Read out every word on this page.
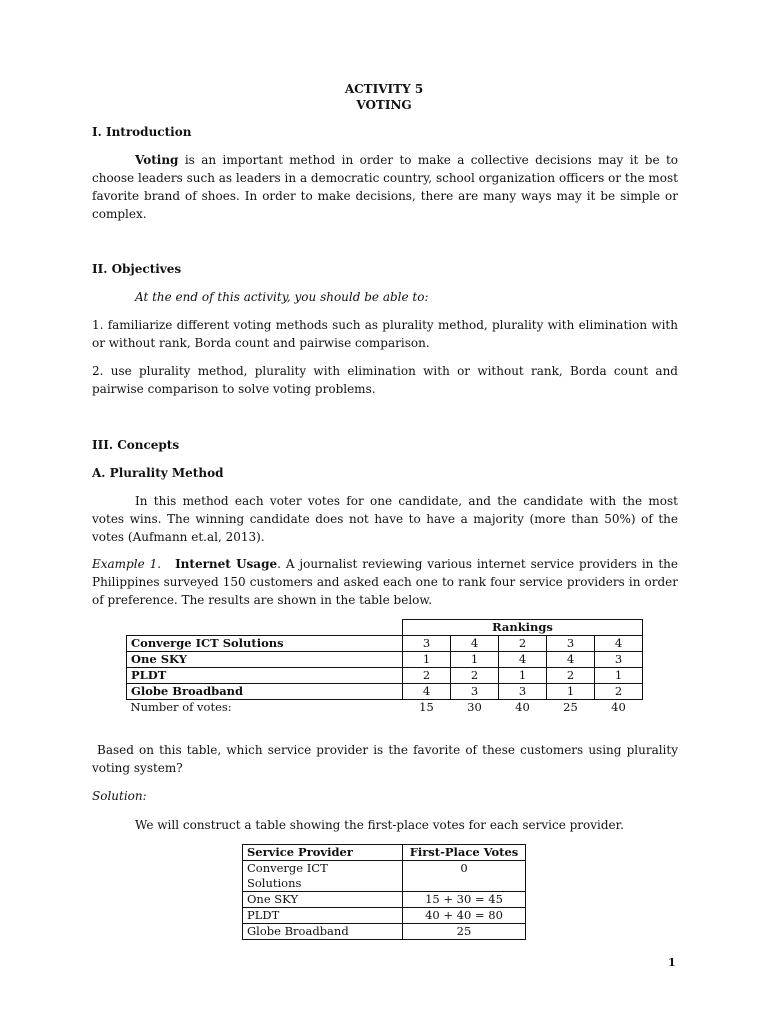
ACTIVITY 5
VOTING
I. Introduction
Voting is an important method in order to make a collective decisions may it be to choose leaders such as leaders in a democratic country, school organization officers or the most favorite brand of shoes. In order to make decisions, there are many ways may it be simple or complex.
II. Objectives
At the end of this activity, you should be able to:
1. familiarize different voting methods such as plurality method, plurality with elimination with or without rank, Borda count and pairwise comparison.
2. use plurality method, plurality with elimination with or without rank, Borda count and pairwise comparison to solve voting problems.
III. Concepts
A. Plurality Method
In this method each voter votes for one candidate, and the candidate with the most votes wins. The winning candidate does not have to have a majority (more than 50%) of the votes (Aufmann et.al, 2013).
Example 1. Internet Usage. A journalist reviewing various internet service providers in the Philippines surveyed 150 customers and asked each one to rank four service providers in order of preference. The results are shown in the table below.
	Rankings				
Converge ICT Solutions	3	4	2	3	4
One SKY	1	1	4	4	3
PLDT	2	2	1	2	1
Globe Broadband	4	3	3	1	2
Number of votes:	15	30	40	25	40
Based on this table, which service provider is the favorite of these customers using plurality voting system?
Solution:
We will construct a table showing the first-place votes for each service provider.
Service Provider	First-Place Votes

Converge ICT Solutions	0
One SKY	15 + 30 = 45
PLDT	40 + 40 = 80
Globe Broadband	25
1
